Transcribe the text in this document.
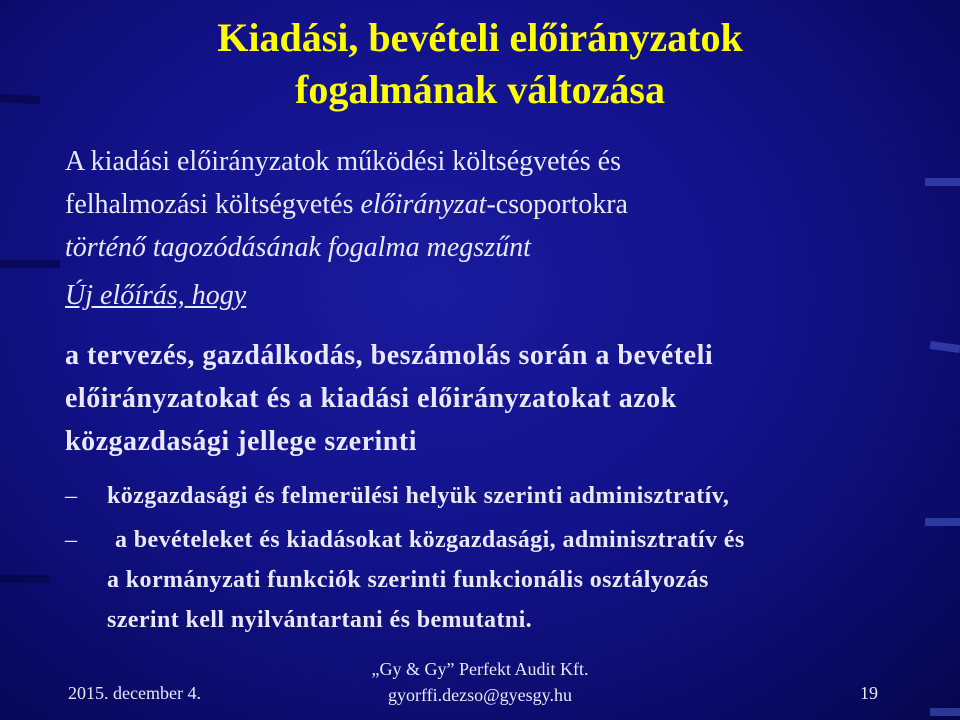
Kiadási, bevételi előirányzatok
fogalmának változása
A kiadási előirányzatok működési költségvetés és
felhalmozási költségvetés előirányzat-csoportokra
történő tagozódásának fogalma megszűnt
Új előírás, hogy
a tervezés, gazdálkodás, beszámolás során a bevételi
előirányzatokat és a kiadási előirányzatokat azok
közgazdasági jellege szerinti
– közgazdasági és felmerülési helyük szerinti adminisztratív,
–	a bevételeket és kiadásokat közgazdasági, adminisztratív és
a kormányzati funkciók szerinti funkcionális osztályozás
szerint kell nyilvántartani és bemutatni.
2015. december 4.
„Gy & Gy” Perfekt Audit Kft.
gyorffi.dezso@gyesgy.hu	19
